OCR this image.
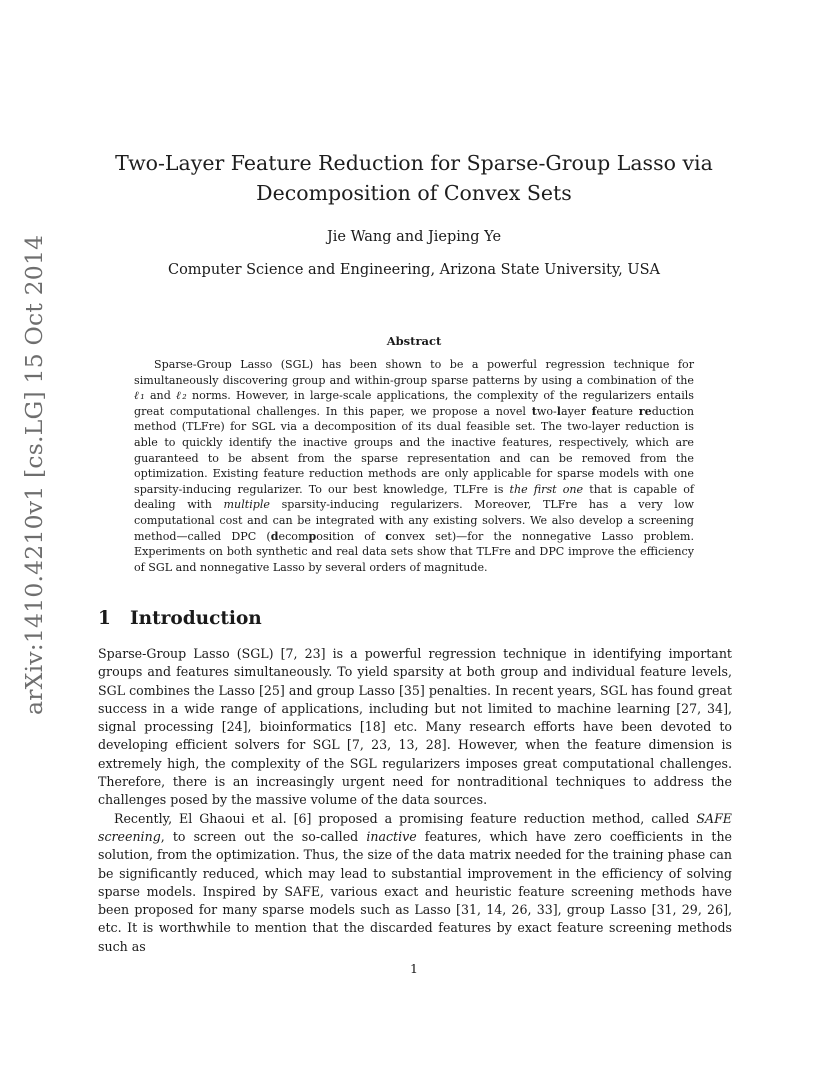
arXiv:1410.4210v1 [cs.LG] 15 Oct 2014
Two-Layer Feature Reduction for Sparse-Group Lasso via
Decomposition of Convex Sets
Jie Wang and Jieping Ye
Computer Science and Engineering, Arizona State University, USA
Abstract

Sparse-Group Lasso (SGL) has been shown to be a powerful regression technique for simultaneously discovering group and within-group sparse patterns by using a combination of the ℓ₁ and ℓ₂ norms. However, in large-scale applications, the complexity of the regularizers entails great computational challenges. In this paper, we propose a novel two-layer feature reduction method (TLFre) for SGL via a decomposition of its dual feasible set. The two-layer reduction is able to quickly identify the inactive groups and the inactive features, respectively, which are guaranteed to be absent from the sparse representation and can be removed from the optimization. Existing feature reduction methods are only applicable for sparse models with one sparsity-inducing regularizer. To our best knowledge, TLFre is the first one that is capable of dealing with multiple sparsity-inducing regularizers. Moreover, TLFre has a very low computational cost and can be integrated with any existing solvers. We also develop a screening method—called DPC (decomposition of convex set)—for the nonnegative Lasso problem. Experiments on both synthetic and real data sets show that TLFre and DPC improve the efficiency of SGL and nonnegative Lasso by several orders of magnitude.

1 Introduction

Sparse-Group Lasso (SGL) [7, 23] is a powerful regression technique in identifying important groups and features simultaneously. To yield sparsity at both group and individual feature levels, SGL combines the Lasso [25] and group Lasso [35] penalties. In recent years, SGL has found great success in a wide range of applications, including but not limited to machine learning [27, 34], signal processing [24], bioinformatics [18] etc. Many research efforts have been devoted to developing efficient solvers for SGL [7, 23, 13, 28]. However, when the feature dimension is extremely high, the complexity of the SGL regularizers imposes great computational challenges. Therefore, there is an increasingly urgent need for nontraditional techniques to address the challenges posed by the massive volume of the data sources.

Recently, El Ghaoui et al. [6] proposed a promising feature reduction method, called SAFE screening, to screen out the so-called inactive features, which have zero coefficients in the solution, from the optimization. Thus, the size of the data matrix needed for the training phase can be significantly reduced, which may lead to substantial improvement in the efficiency of solving sparse models. Inspired by SAFE, various exact and heuristic feature screening methods have been proposed for many sparse models such as Lasso [31, 14, 26, 33], group Lasso [31, 29, 26], etc. It is worthwhile to mention that the discarded features by exact feature screening methods such as

1
